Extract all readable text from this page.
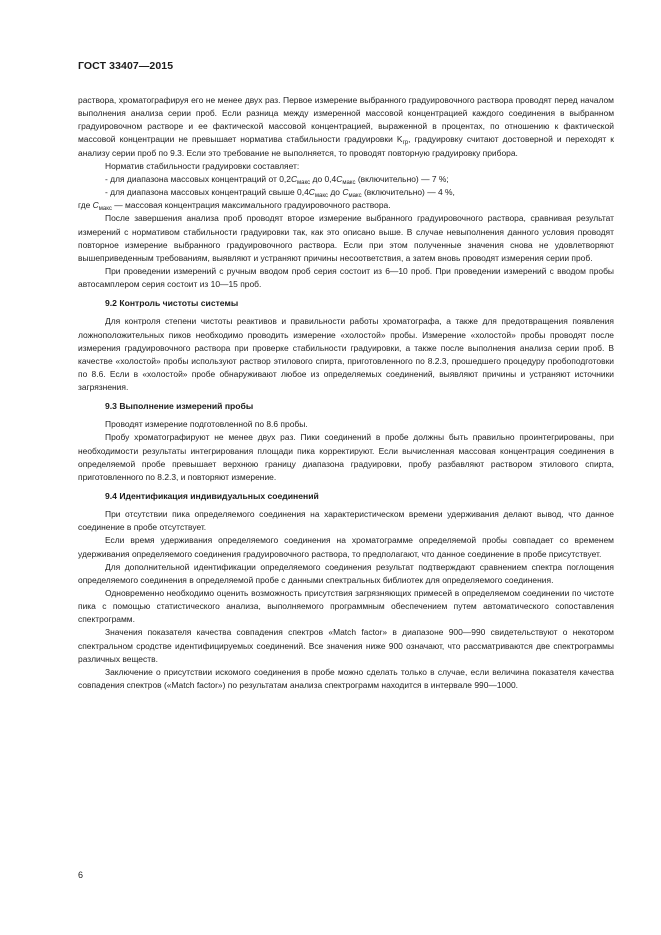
ГОСТ 33407—2015

раствора, хроматографируя его не менее двух раз. Первое измерение выбранного градуировочного раствора проводят перед началом выполнения анализа серии проб. Если разница между измеренной массовой концентрацией каждого соединения в выбранном градуировочном растворе и ее фактической массовой концентрацией, выраженной в процентах, по отношению к фактической массовой концентрации не превышает норматива стабильности градуировки $K_{гр}$, градуировку считают достоверной и переходят к анализу серии проб по 9.3. Если это требование не выполняется, то проводят повторную градуировку прибора.

Норматив стабильности градуировки составляет:

- для диапазона массовых концентраций от $0,2C_{макс}$ до $0,4C_{макс}$ (включительно) — 7 %;

- для диапазона массовых концентраций свыше $0,4C_{макс}$ до $C_{макс}$ (включительно) — 4 %,

где $C_{макс}$ — массовая концентрация максимального градуировочного раствора.

После завершения анализа проб проводят второе измерение выбранного градуировочного раствора, сравнивая результат измерений с нормативом стабильности градуировки так, как это описано выше. В случае невыполнения данного условия проводят повторное измерение выбранного градуировочного раствора. Если при этом полученные значения снова не удовлетворяют вышеприведенным требованиям, выявляют и устраняют причины несоответствия, а затем вновь проводят измерения серии проб.

При проведении измерений с ручным вводом проб серия состоит из 6—10 проб. При проведении измерений с вводом пробы автосамплером серия состоит из 10—15 проб.

9.2 Контроль чистоты системы

Для контроля степени чистоты реактивов и правильности работы хроматографа, а также для предотвращения появления ложноположительных пиков необходимо проводить измерение «холостой» пробы. Измерение «холостой» пробы проводят после измерения градуировочного раствора при проверке стабильности градуировки, а также после выполнения анализа серии проб. В качестве «холостой» пробы используют раствор этилового спирта, приготовленного по 8.2.3, прошедшего процедуру пробоподготовки по 8.6. Если в «холостой» пробе обнаруживают любое из определяемых соединений, выявляют причины и устраняют источники загрязнения.

9.3 Выполнение измерений пробы

Проводят измерение подготовленной по 8.6 пробы.

Пробу хроматографируют не менее двух раз. Пики соединений в пробе должны быть правильно проинтегрированы, при необходимости результаты интегрирования площади пика корректируют. Если вычисленная массовая концентрация соединения в определяемой пробе превышает верхнюю границу диапазона градуировки, пробу разбавляют раствором этилового спирта, приготовленного по 8.2.3, и повторяют измерение.

9.4 Идентификация индивидуальных соединений

При отсутствии пика определяемого соединения на характеристическом времени удерживания делают вывод, что данное соединение в пробе отсутствует.

Если время удерживания определяемого соединения на хроматограмме определяемой пробы совпадает со временем удерживания определяемого соединения градуировочного раствора, то предполагают, что данное соединение в пробе присутствует.

Для дополнительной идентификации определяемого соединения результат подтверждают сравнением спектра поглощения определяемого соединения в определяемой пробе с данными спектральных библиотек для определяемого соединения.

Одновременно необходимо оценить возможность присутствия загрязняющих примесей в определяемом соединении по чистоте пика с помощью статистического анализа, выполняемого программным обеспечением путем автоматического сопоставления спектрограмм.

Значения показателя качества совпадения спектров «Match factor» в диапазоне 900—990 свидетельствуют о некотором спектральном сродстве идентифицируемых соединений. Все значения ниже 900 означают, что рассматриваются две спектрограммы различных веществ.

Заключение о присутствии искомого соединения в пробе можно сделать только в случае, если величина показателя качества совпадения спектров («Match factor») по результатам анализа спектрограмм находится в интервале 990—1000.

6
